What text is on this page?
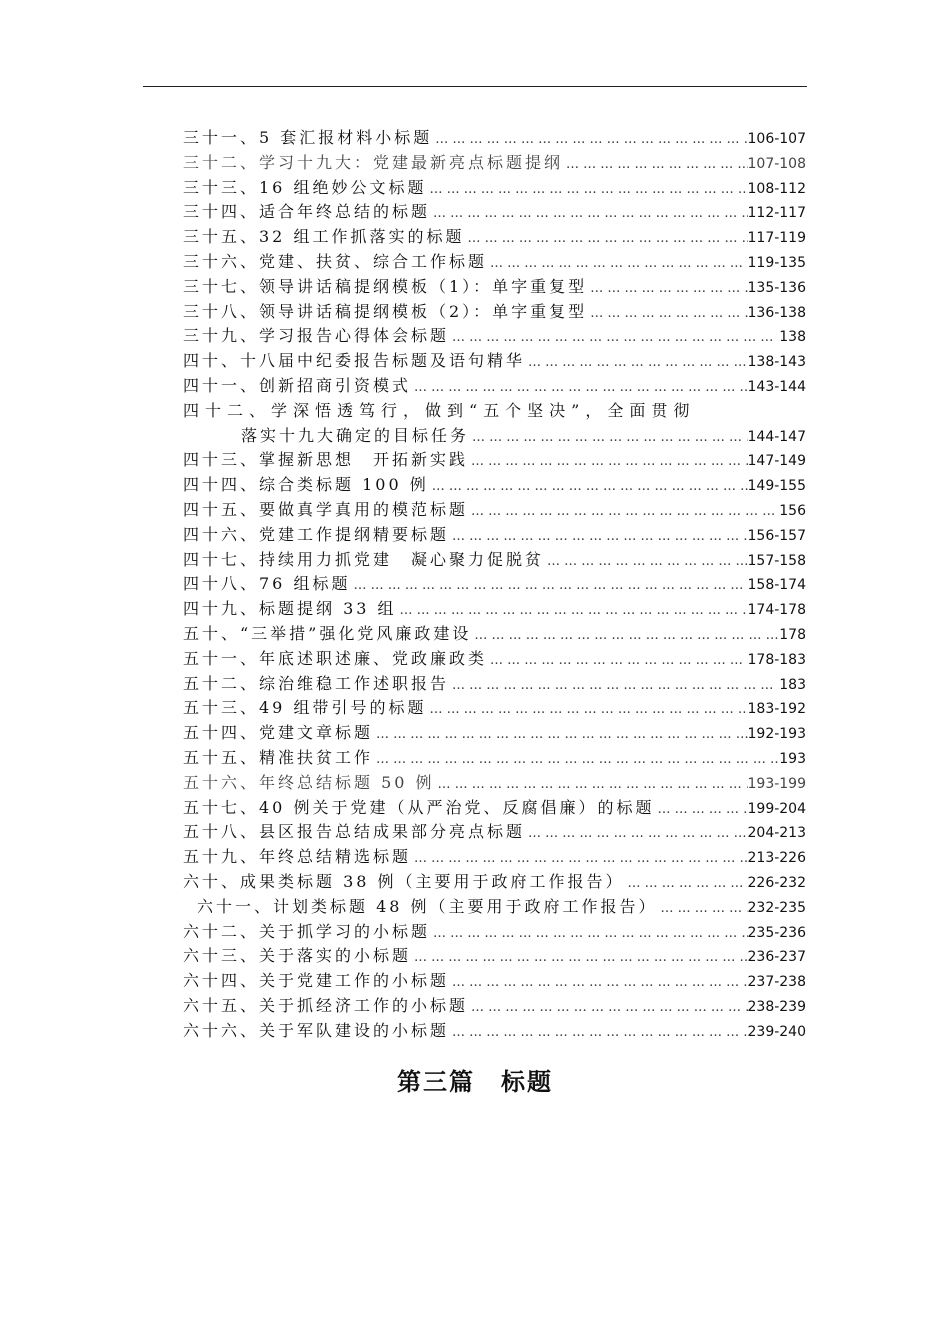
三十一、5 套汇报材料小标题 … … … … … … … … … … … … … … … … … … … … … … … … … … … … … … … … … … … … … … …	106-107
三十二、学习十九大：党建最新亮点标题提纲 … … … … … … … … … … … … … … … … … … … … … … … … … … … … … … … … … … … … … … …	107-108
三十三、16 组绝妙公文标题 … … … … … … … … … … … … … … … … … … … … … … … … … … … … … … … … … … … … … … …	108-112
三十四、适合年终总结的标题 … … … … … … … … … … … … … … … … … … … … … … … … … … … … … … … … … … … … … … …	112-117
三十五、32 组工作抓落实的标题 … … … … … … … … … … … … … … … … … … … … … … … … … … … … … … … … … … … … … … …	117-119
三十六、党建、扶贫、综合工作标题 … … … … … … … … … … … … … … … … … … … … … … … … … … … … … … … … … … … … … … …	119-135
三十七、领导讲话稿提纲模板（1）：单字重复型 … … … … … … … … … … … … … … … … … … … … … … … … … … … … … … … … … … … … … … …	135-136
三十八、领导讲话稿提纲模板（2）：单字重复型 … … … … … … … … … … … … … … … … … … … … … … … … … … … … … … … … … … … … … … …	136-138
三十九、学习报告心得体会标题 … … … … … … … … … … … … … … … … … … … … … … … … … … … … … … … … … … … … … … …	138
四十、十八届中纪委报告标题及语句精华 … … … … … … … … … … … … … … … … … … … … … … … … … … … … … … … … … … … … … … …	138-143
四十一、创新招商引资模式 … … … … … … … … … … … … … … … … … … … … … … … … … … … … … … … … … … … … … … …	143-144
四十二、学深悟透笃行，做到“五个坚决”，全面贯彻
落实十九大确定的目标任务 … … … … … … … … … … … … … … … … … … … … … … … … … … … … … … … … … … … … … … …	144-147
四十三、掌握新思想　开拓新实践 … … … … … … … … … … … … … … … … … … … … … … … … … … … … … … … … … … … … … … …	147-149
四十四、综合类标题 100 例 … … … … … … … … … … … … … … … … … … … … … … … … … … … … … … … … … … … … … … …	149-155
四十五、要做真学真用的模范标题 … … … … … … … … … … … … … … … … … … … … … … … … … … … … … … … … … … … … … … …	156
四十六、党建工作提纲精要标题 … … … … … … … … … … … … … … … … … … … … … … … … … … … … … … … … … … … … … … …	156-157
四十七、持续用力抓党建　凝心聚力促脱贫 … … … … … … … … … … … … … … … … … … … … … … … … … … … … … … … … … … … … … … …	157-158
四十八、76 组标题 … … … … … … … … … … … … … … … … … … … … … … … … … … … … … … … … … … … … … … …	158-174
四十九、标题提纲 33 组 … … … … … … … … … … … … … … … … … … … … … … … … … … … … … … … … … … … … … … …	174-178
五十、“三举措”强化党风廉政建设 … … … … … … … … … … … … … … … … … … … … … … … … … … … … … … … … … … … … … … …	178
五十一、年底述职述廉、党政廉政类 … … … … … … … … … … … … … … … … … … … … … … … … … … … … … … … … … … … … … … …	178-183
五十二、综治维稳工作述职报告 … … … … … … … … … … … … … … … … … … … … … … … … … … … … … … … … … … … … … … …	183
五十三、49 组带引号的标题 … … … … … … … … … … … … … … … … … … … … … … … … … … … … … … … … … … … … … … …	183-192
五十四、党建文章标题 … … … … … … … … … … … … … … … … … … … … … … … … … … … … … … … … … … … … … … …	192-193
五十五、精准扶贫工作 … … … … … … … … … … … … … … … … … … … … … … … … … … … … … … … … … … … … … … …	193
五十六、年终总结标题 50 例 … … … … … … … … … … … … … … … … … … … … … … … … … … … … … … … … … … … … … … …	193-199
五十七、40 例关于党建（从严治党、反腐倡廉）的标题 … … … … … … … … … … … … … … … … … … … … … … … … … … … … … … … … … … … … … … …	199-204
五十八、县区报告总结成果部分亮点标题 … … … … … … … … … … … … … … … … … … … … … … … … … … … … … … … … … … … … … … …	204-213
五十九、年终总结精选标题 … … … … … … … … … … … … … … … … … … … … … … … … … … … … … … … … … … … … … … …	213-226
六十、成果类标题 38 例（主要用于政府工作报告） … … … … … … … … … … … … … … … … … … … … … … … … … … … … … … … … … … … … … … …	226-232
六十一、计划类标题 48 例（主要用于政府工作报告） … … … … … … … … … … … … … … … … … … … … … … … … … … … … … … … … … … … … … … …	232-235
六十二、关于抓学习的小标题 … … … … … … … … … … … … … … … … … … … … … … … … … … … … … … … … … … … … … … …	235-236
六十三、关于落实的小标题 … … … … … … … … … … … … … … … … … … … … … … … … … … … … … … … … … … … … … … …	236-237
六十四、关于党建工作的小标题 … … … … … … … … … … … … … … … … … … … … … … … … … … … … … … … … … … … … … … …	237-238
六十五、关于抓经济工作的小标题 … … … … … … … … … … … … … … … … … … … … … … … … … … … … … … … … … … … … … … …	238-239
六十六、关于军队建设的小标题 … … … … … … … … … … … … … … … … … … … … … … … … … … … … … … … … … … … … … … …	239-240
第三篇　标题
